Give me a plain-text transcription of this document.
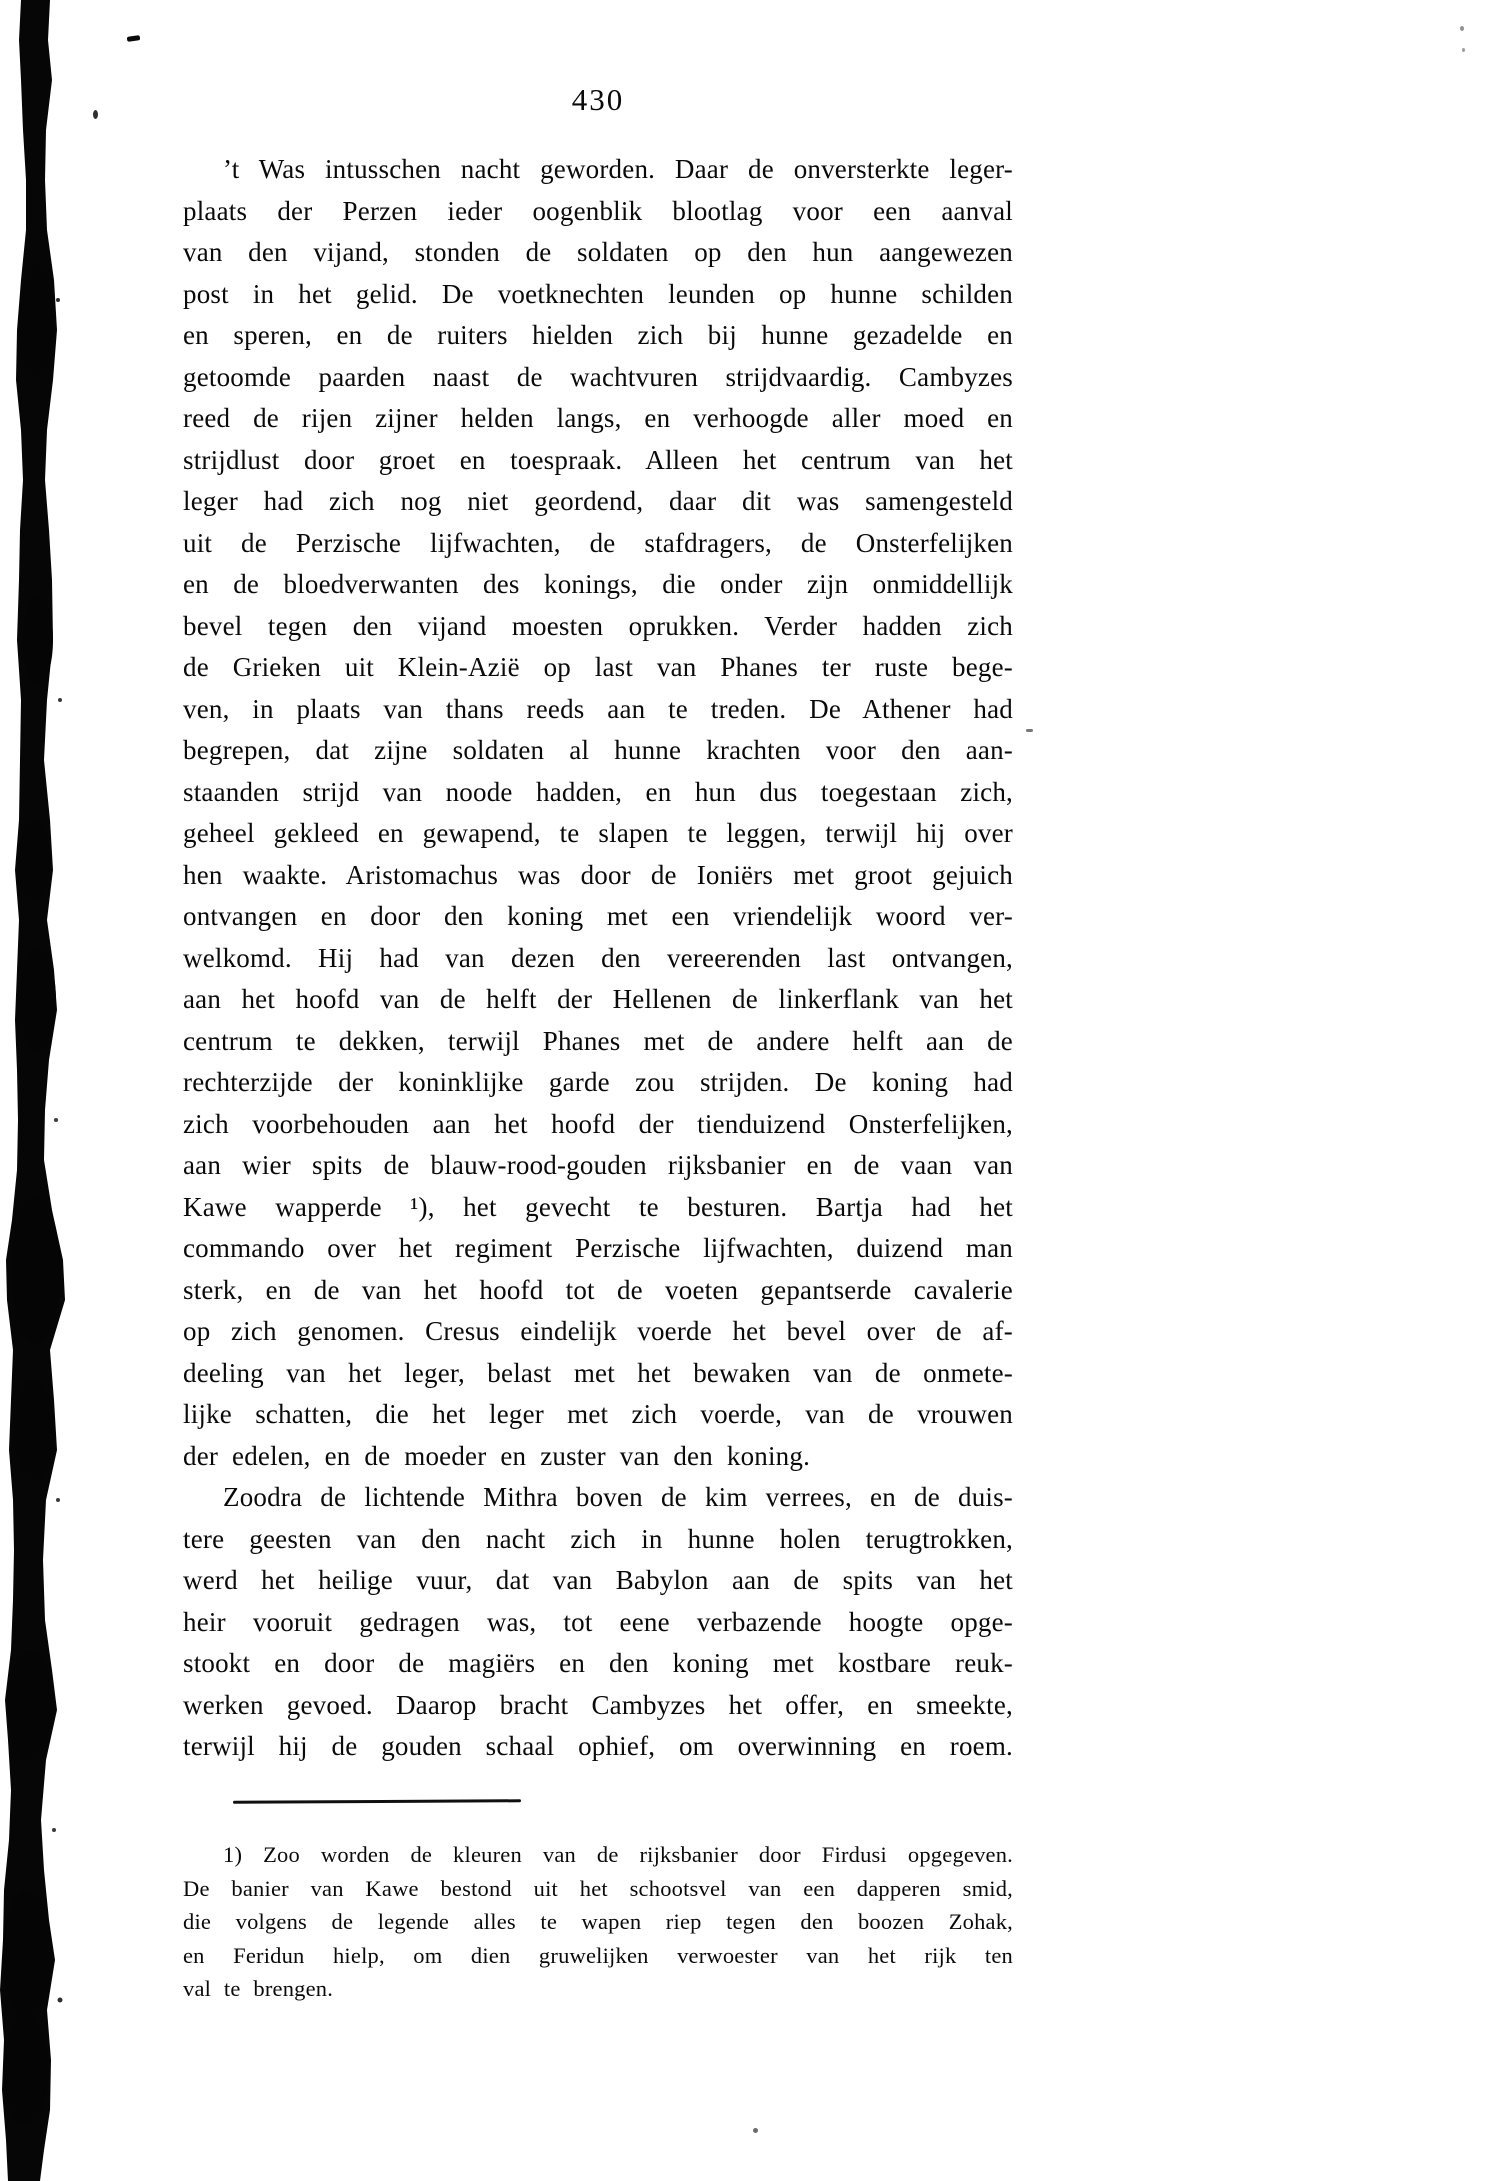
430
’t Was intusschen nacht geworden. Daar de onversterkte leger-
plaats der Perzen ieder oogenblik blootlag voor een aanval
van den vijand, stonden de soldaten op den hun aangewezen
post in het gelid. De voetknechten leunden op hunne schilden
en speren, en de ruiters hielden zich bij hunne gezadelde en
getoomde paarden naast de wachtvuren strijdvaardig. Cambyzes
reed de rijen zijner helden langs, en verhoogde aller moed en
strijdlust door groet en toespraak. Alleen het centrum van het
leger had zich nog niet geordend, daar dit was samengesteld
uit de Perzische lijfwachten, de stafdragers, de Onsterfelijken
en de bloedverwanten des konings, die onder zijn onmiddellijk
bevel tegen den vijand moesten oprukken. Verder hadden zich
de Grieken uit Klein-Azië op last van Phanes ter ruste bege-
ven, in plaats van thans reeds aan te treden. De Athener had
begrepen, dat zijne soldaten al hunne krachten voor den aan-
staanden strijd van noode hadden, en hun dus toegestaan zich,
geheel gekleed en gewapend, te slapen te leggen, terwijl hij over
hen waakte. Aristomachus was door de Ioniërs met groot gejuich
ontvangen en door den koning met een vriendelijk woord ver-
welkomd. Hij had van dezen den vereerenden last ontvangen,
aan het hoofd van de helft der Hellenen de linkerflank van het
centrum te dekken, terwijl Phanes met de andere helft aan de
rechterzijde der koninklijke garde zou strijden. De koning had
zich voorbehouden aan het hoofd der tienduizend Onsterfelijken,
aan wier spits de blauw-rood-gouden rijksbanier en de vaan van
Kawe wapperde ¹), het gevecht te besturen. Bartja had het
commando over het regiment Perzische lijfwachten, duizend man
sterk, en de van het hoofd tot de voeten gepantserde cavalerie
op zich genomen. Cresus eindelijk voerde het bevel over de af-
deeling van het leger, belast met het bewaken van de onmete-
lijke schatten, die het leger met zich voerde, van de vrouwen
der edelen, en de moeder en zuster van den koning.
Zoodra de lichtende Mithra boven de kim verrees, en de duis-
tere geesten van den nacht zich in hunne holen terugtrokken,
werd het heilige vuur, dat van Babylon aan de spits van het
heir vooruit gedragen was, tot eene verbazende hoogte opge-
stookt en door de magiërs en den koning met kostbare reuk-
werken gevoed. Daarop bracht Cambyzes het offer, en smeekte,
terwijl hij de gouden schaal ophief, om overwinning en roem.
1) Zoo worden de kleuren van de rijksbanier door Firdusi opgegeven.
De banier van Kawe bestond uit het schootsvel van een dapperen smid,
die volgens de legende alles te wapen riep tegen den boozen Zohak,
en Feridun hielp, om dien gruwelijken verwoester van het rijk ten
val te brengen.
